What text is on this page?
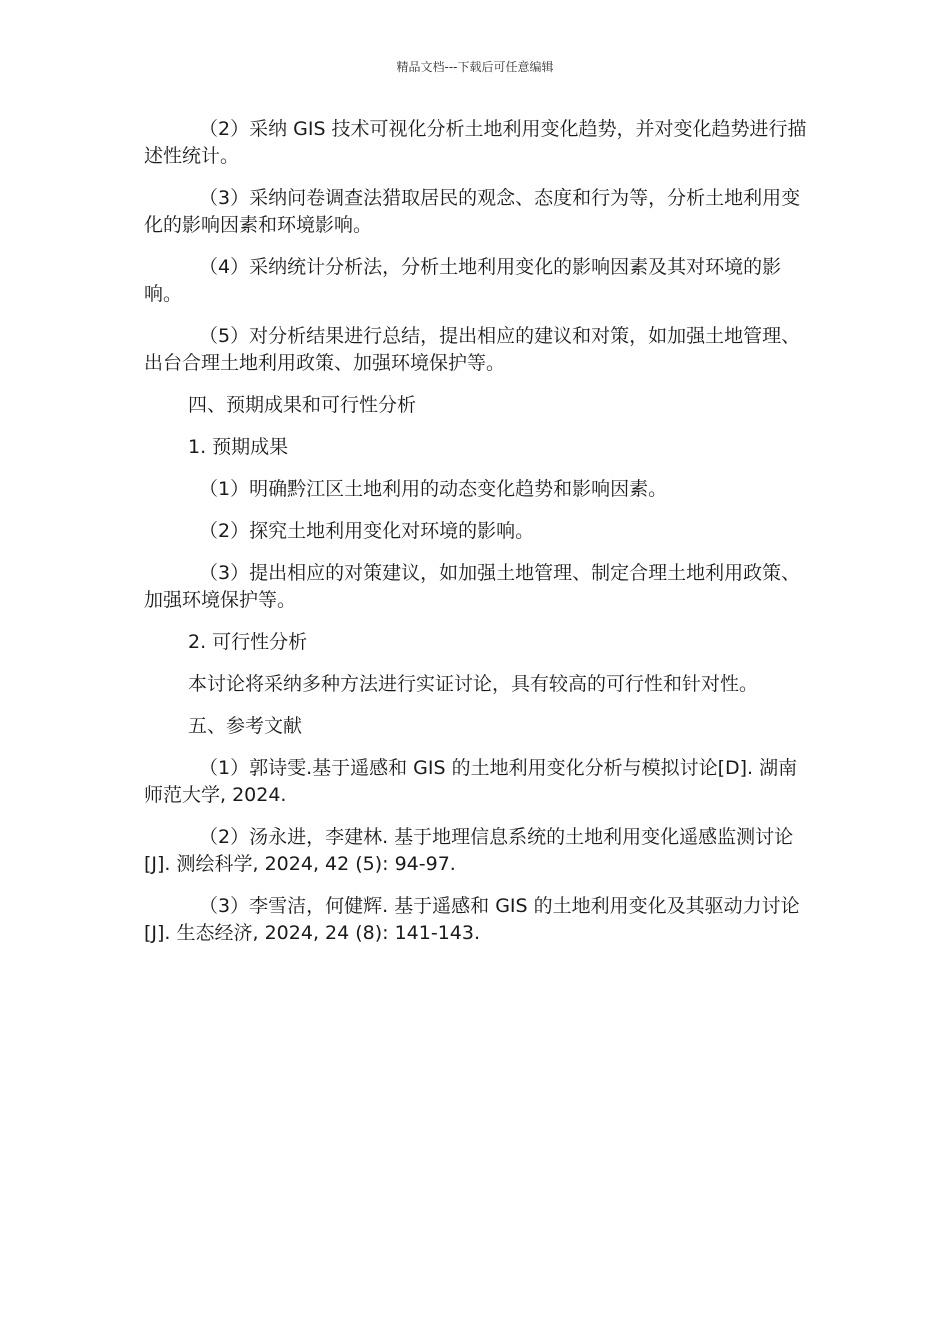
精品文档---下载后可任意编辑

（2）采纳 GIS 技术可视化分析土地利用变化趋势，并对变化趋势进行描述性统计。

（3）采纳问卷调查法猎取居民的观念、态度和行为等，分析土地利用变化的影响因素和环境影响。

（4）采纳统计分析法，分析土地利用变化的影响因素及其对环境的影响。

（5）对分析结果进行总结，提出相应的建议和对策，如加强土地管理、出台合理土地利用政策、加强环境保护等。

四、预期成果和可行性分析

1. 预期成果

（1）明确黔江区土地利用的动态变化趋势和影响因素。

（2）探究土地利用变化对环境的影响。

（3）提出相应的对策建议，如加强土地管理、制定合理土地利用政策、加强环境保护等。

2. 可行性分析

本讨论将采纳多种方法进行实证讨论，具有较高的可行性和针对性。

五、参考文献

（1）郭诗雯.基于遥感和 GIS 的土地利用变化分析与模拟讨论[D]. 湖南师范大学, 2024.

（2）汤永进，李建林. 基于地理信息系统的土地利用变化遥感监测讨论[J]. 测绘科学, 2024, 42 (5): 94-97.

（3）李雪洁，何健辉. 基于遥感和 GIS 的土地利用变化及其驱动力讨论[J]. 生态经济, 2024, 24 (8): 141-143.
